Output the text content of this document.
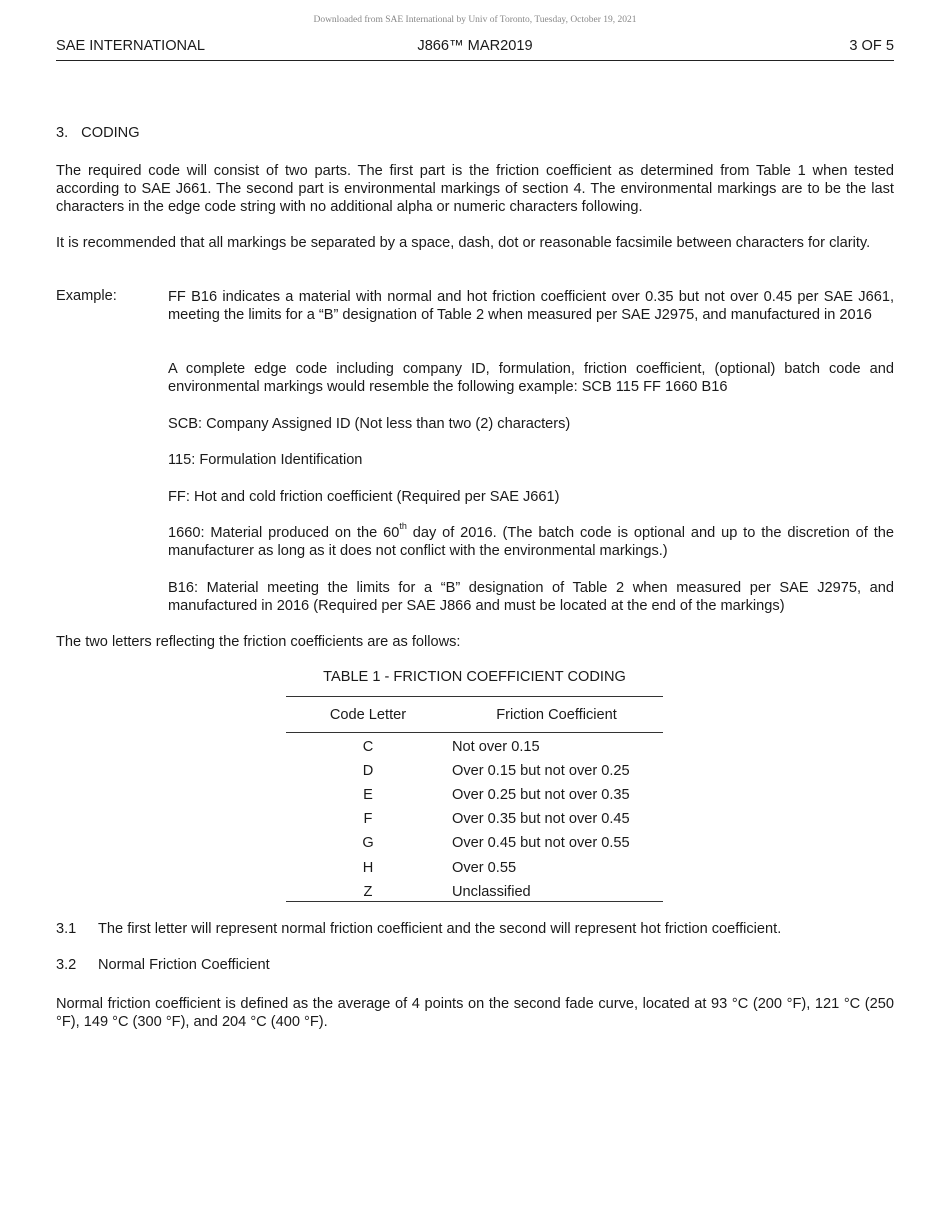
Downloaded from SAE International by Univ of Toronto, Tuesday, October 19, 2021
SAE INTERNATIONAL	J866™ MAR2019	3 OF 5
3. CODING
The required code will consist of two parts. The first part is the friction coefficient as determined from Table 1 when tested according to SAE J661. The second part is environmental markings of section 4. The environmental markings are to be the last characters in the edge code string with no additional alpha or numeric characters following.
It is recommended that all markings be separated by a space, dash, dot or reasonable facsimile between characters for clarity.
Example:	FF B16 indicates a material with normal and hot friction coefficient over 0.35 but not over 0.45 per SAE J661, meeting the limits for a “B” designation of Table 2 when measured per SAE J2975, and manufactured in 2016
A complete edge code including company ID, formulation, friction coefficient, (optional) batch code and environmental markings would resemble the following example: SCB 115 FF 1660 B16
SCB: Company Assigned ID (Not less than two (2) characters)
115: Formulation Identification
FF: Hot and cold friction coefficient (Required per SAE J661)
1660: Material produced on the 60th day of 2016. (The batch code is optional and up to the discretion of the manufacturer as long as it does not conflict with the environmental markings.)
B16: Material meeting the limits for a “B” designation of Table 2 when measured per SAE J2975, and manufactured in 2016 (Required per SAE J866 and must be located at the end of the markings)
The two letters reflecting the friction coefficients are as follows:
TABLE 1 - FRICTION COEFFICIENT CODING
Code Letter	Friction Coefficient
C	Not over 0.15
D	Over 0.15 but not over 0.25
E	Over 0.25 but not over 0.35
F	Over 0.35 but not over 0.45
G	Over 0.45 but not over 0.55
H	Over 0.55
Z	Unclassified
3.1 The first letter will represent normal friction coefficient and the second will represent hot friction coefficient.
3.2 Normal Friction Coefficient
Normal friction coefficient is defined as the average of 4 points on the second fade curve, located at 93 °C (200 °F), 121 °C (250 °F), 149 °C (300 °F), and 204 °C (400 °F).
